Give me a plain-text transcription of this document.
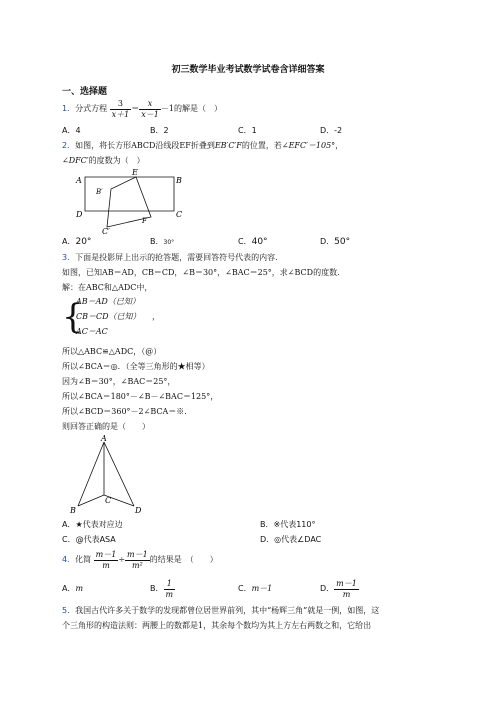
初三数学毕业考试数学试卷含详细答案
一、选择题
1．分式方程 $\frac{3}{x+1} = \frac{x}{x-1} -1$的解是（　）
A．4	B．2	C．1	D．-2
2．如图，将长方形ABCD沿线段EF折叠到EB′C′F的位置，若∠EFC′＝105°，
∠DFC′的度数为（　）
A
E
B
B′
D	C
F
C′
A．20°	B．30°	C．40°	D．50°
3．下面是投影屏上出示的抢答题，需要回答符号代表的内容.
如图，已知AB＝AD，CB＝CD，∠B＝30°，∠BAC＝25°，求∠BCD的度数.
解：在ABC和△ADC中，
{
AB＝AD（已知）
CB＝CD（已知）
AC＝AC
，
所以△ABC≌△ADC，（@）
所以∠BCA＝◎．（全等三角形的★相等）
因为∠B＝30°，∠BAC＝25°，
所以∠BCA＝180°－∠B－∠BAC＝125°，
所以∠BCD＝360°－2∠BCA＝※.
则回答正确的是（　　）
A
B
C
D
A．★代表对应边	B．※代表110°
C．@代表ASA	D．◎代表∠DAC
4．化简 $\frac{m-1}{m} \div \frac{m-1}{\text{m²}}$ 的结果是　（　　）
A．m	B． $\frac{1}{m}$	C．m－1	D． $\frac{m-1}{m}$
5．我国古代许多关于数学的发现都曾位居世界前列，其中“杨辉三角”就是一例，如图，这
个三角形的构造法则：两腰上的数都是1，其余每个数均为其上方左右两数之和，它给出
